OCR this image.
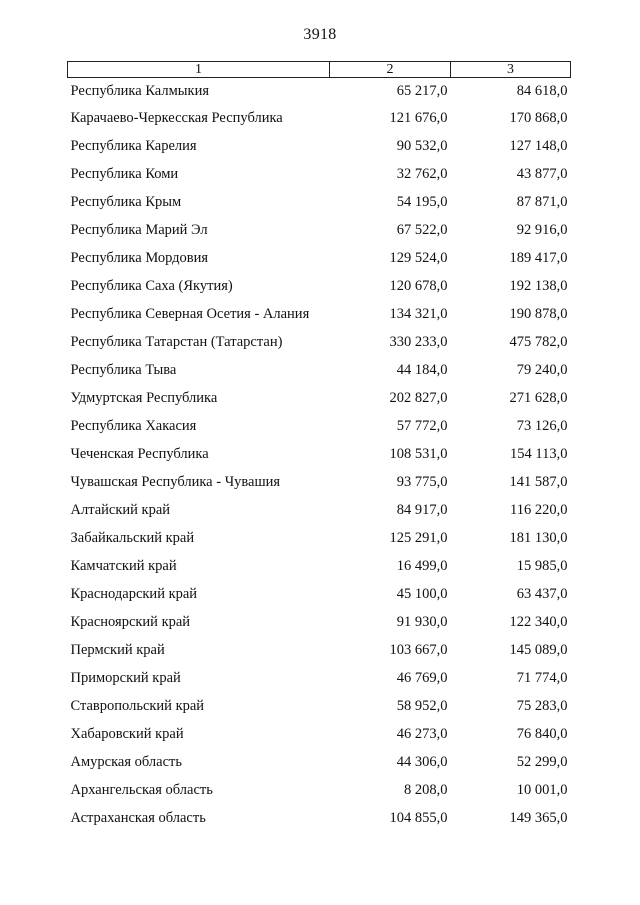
3918
1	2	3
Республика Калмыкия	65 217,0	84 618,0
Карачаево-Черкесская Республика	121 676,0	170 868,0
Республика Карелия	90 532,0	127 148,0
Республика Коми	32 762,0	43 877,0
Республика Крым	54 195,0	87 871,0
Республика Марий Эл	67 522,0	92 916,0
Республика Мордовия	129 524,0	189 417,0
Республика Саха (Якутия)	120 678,0	192 138,0
Республика Северная Осетия - Алания	134 321,0	190 878,0
Республика Татарстан (Татарстан)	330 233,0	475 782,0
Республика Тыва	44 184,0	79 240,0
Удмуртская Республика	202 827,0	271 628,0
Республика Хакасия	57 772,0	73 126,0
Чеченская Республика	108 531,0	154 113,0
Чувашская Республика - Чувашия	93 775,0	141 587,0
Алтайский край	84 917,0	116 220,0
Забайкальский край	125 291,0	181 130,0
Камчатский край	16 499,0	15 985,0
Краснодарский край	45 100,0	63 437,0
Красноярский край	91 930,0	122 340,0
Пермский край	103 667,0	145 089,0
Приморский край	46 769,0	71 774,0
Ставропольский край	58 952,0	75 283,0
Хабаровский край	46 273,0	76 840,0
Амурская область	44 306,0	52 299,0
Архангельская область	8 208,0	10 001,0
Астраханская область	104 855,0	149 365,0
